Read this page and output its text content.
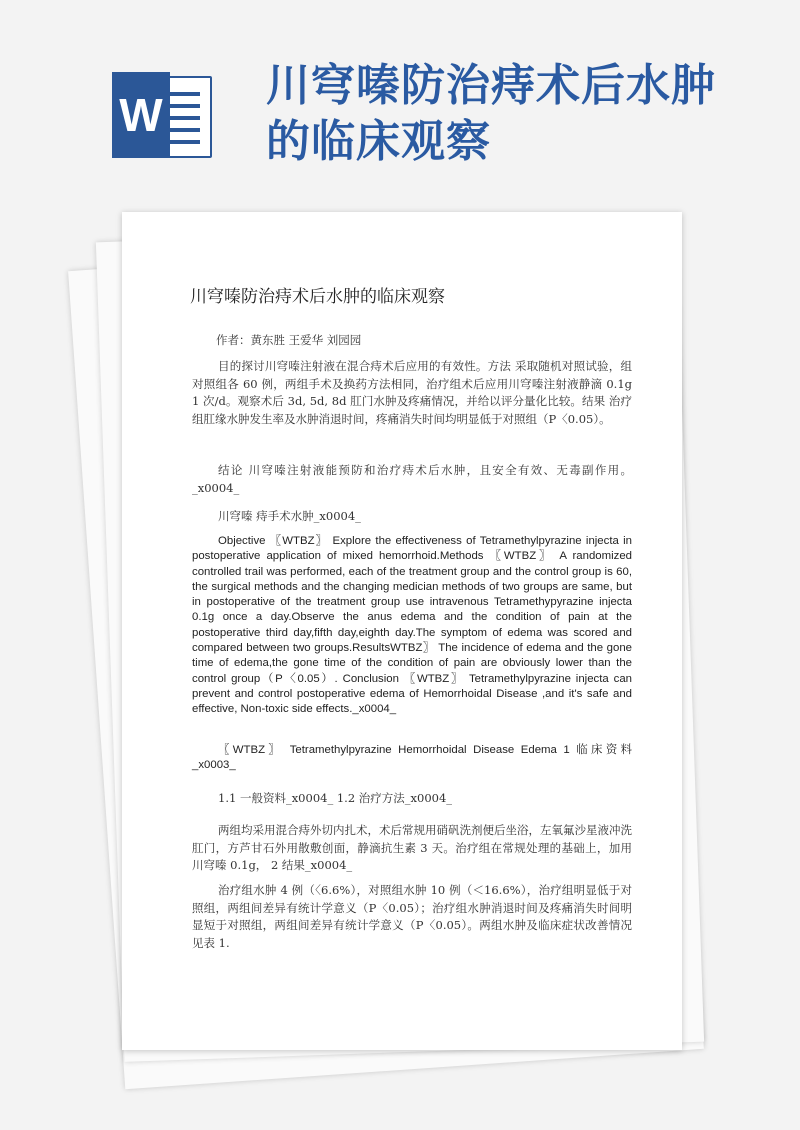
W
川穹嗪防治痔术后水肿的临床观察
川穹嗪防治痔术后水肿的临床观察
作者：黄东胜 王爱华 刘园园
目的探讨川穹嗪注射液在混合痔术后应用的有效性。方法 采取随机对照试验，组对照组各 60 例，两组手术及换药方法相同，治疗组术后应用川穹嗪注射液静滴 0.1g 1 次/d。观察术后 3d, 5d, 8d 肛门水肿及疼痛情况，并给以评分量化比较。结果 治疗组肛缘水肿发生率及水肿消退时间，疼痛消失时间均明显低于对照组（P〈0.05）。
结论 川穹嗪注射液能预防和治疗痔术后水肿，且安全有效、无毒副作用。_x0004_
川穹嗪 痔手术水肿_x0004_
Objective 〖WTBZ〗 Explore the effectiveness of Tetramethylpyrazine injecta in postoperative application of mixed hemorrhoid.Methods 〖WTBZ〗 A randomized controlled trail was performed, each of the treatment group and the control group is 60, the surgical methods and the changing medician methods of two groups are same, but in postoperative of the treatment group use intravenous Tetramethypyrazine injecta 0.1g once a day.Observe the anus edema and the condition of pain at the postoperative third day,fifth day,eighth day.The symptom of edema was scored and compared between two groups.ResultsWTBZ〗 The incidence of edema and the gone time of edema,the gone time of the condition of pain are obviously lower than the control group（P〈0.05）. Conclusion 〖WTBZ〗 Tetramethylpyrazine injecta can prevent and control postoperative edema of Hemorrhoidal Disease ,and it's safe and effective, Non-toxic side effects._x0004_
〖WTBZ〗 Tetramethylpyrazine Hemorrhoidal Disease Edema 1 临床资料_x0003_
1.1 一般资料_x0004_ 1.2 治疗方法_x0004_
两组均采用混合痔外切内扎术，术后常规用硝矾洗剂便后坐浴，左氧氟沙星液冲洗肛门，方芦甘石外用散敷创面，静滴抗生素 3 天。治疗组在常规处理的基础上，加用川穹嗪 0.1g， 2 结果_x0004_
治疗组水肿 4 例（〈6.6%），对照组水肿 10 例（＜16.6%），治疗组明显低于对照组，两组间差异有统计学意义（P〈0.05）；治疗组水肿消退时间及疼痛消失时间明显短于对照组，两组间差异有统计学意义（P〈0.05）。两组水肿及临床症状改善情况见表 1.
